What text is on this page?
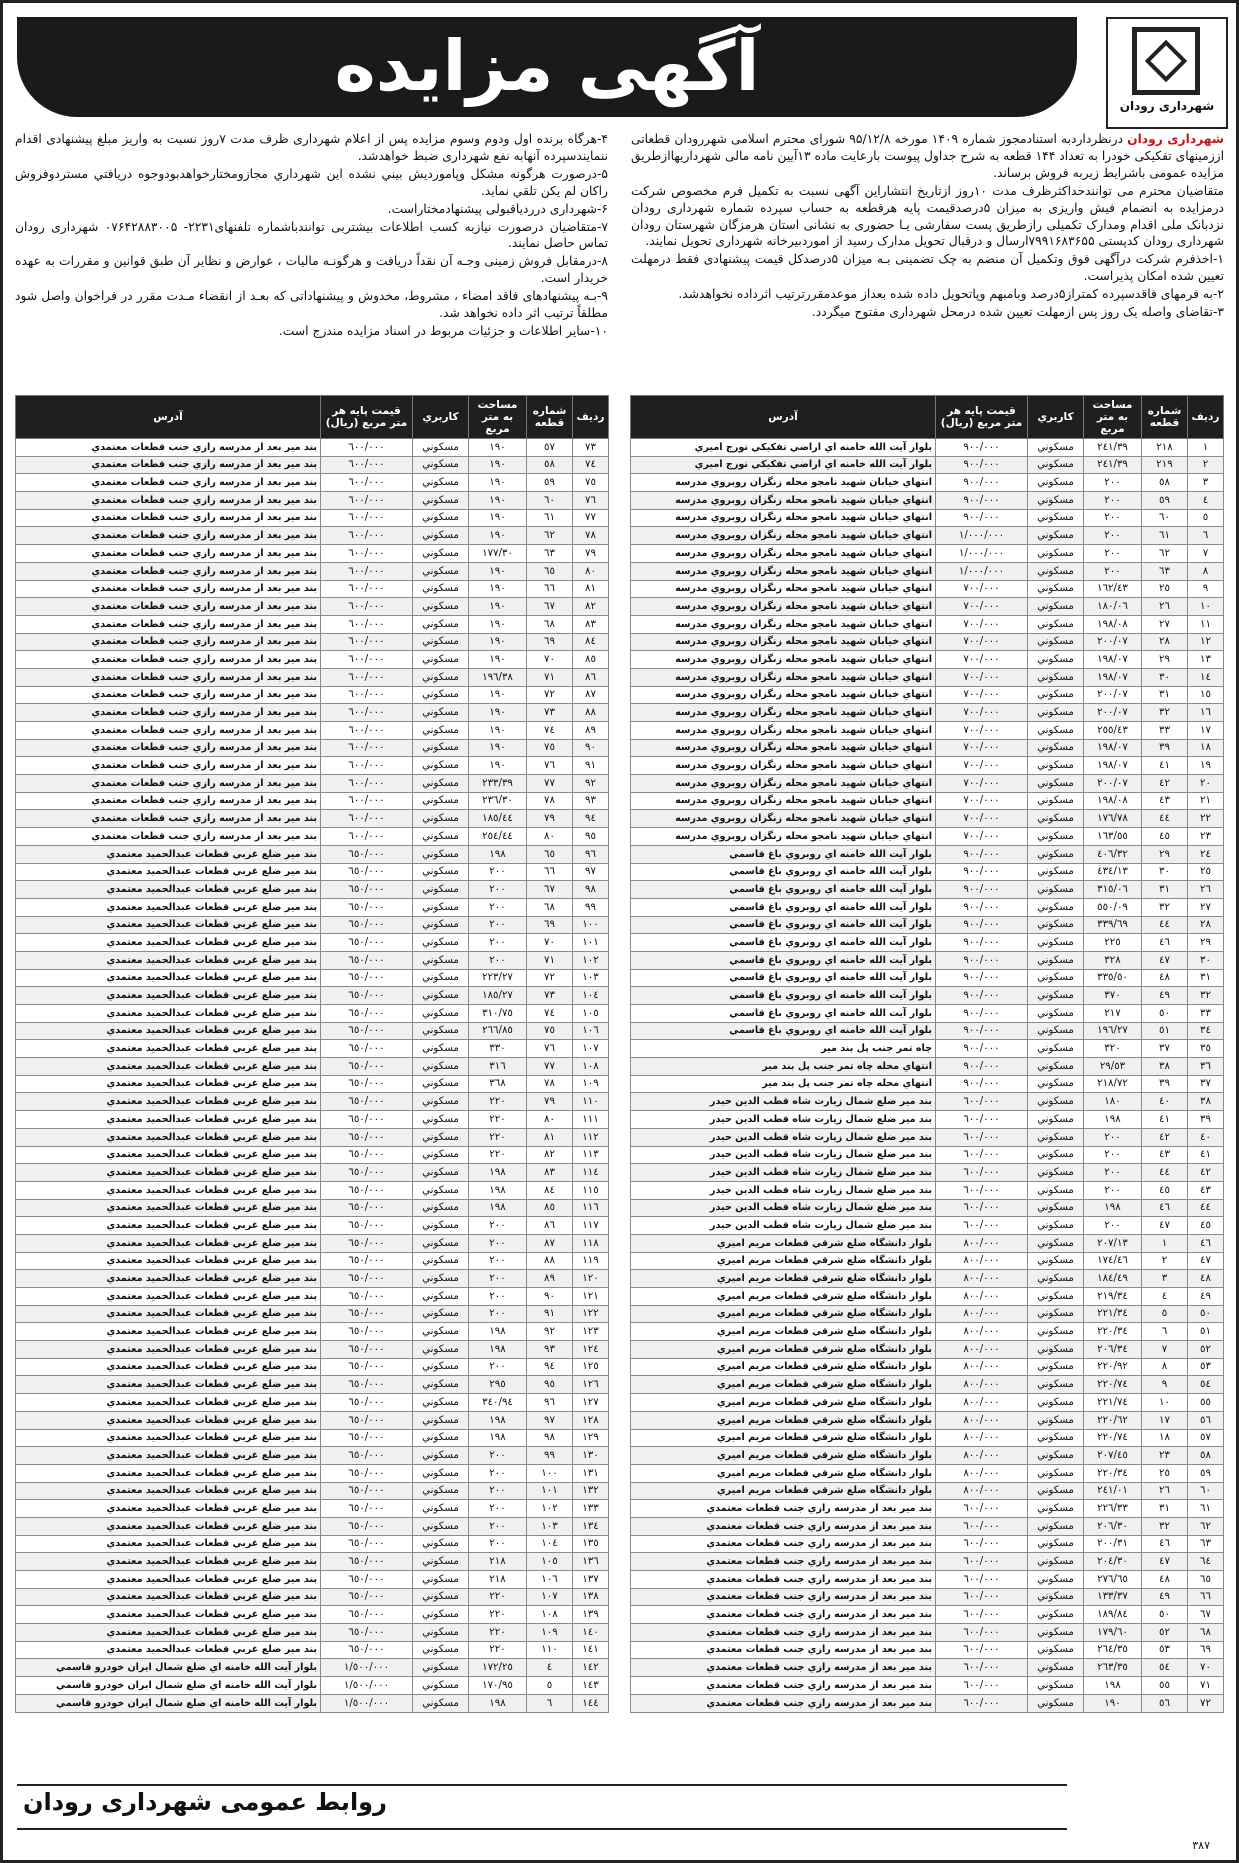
آگهی مزایده	شهرداری رودان

شهرداری رودان درنظرداردبه استنادمجوز شماره ۱۴۰۹ مورخه ۹۵/۱۲/۸ شورای محترم اسلامی شهررودان قطعاتی اززمینهای تفکیکی خودرا به تعداد ۱۴۴ قطعه به شرح جداول پیوست بارعایت ماده ۱۳آیین نامه مالی شهرداریهاازطریق مزایده عمومی باشرایط زیربه فروش برساند.

متقاضیان محترم می توانندحداکثرظرف مدت ۱۰روز ازتاریخ انتشاراین آگهی نسبت به تکمیل فرم مخصوص شرکت درمزایده به انضمام فیش واریزی به میزان ۵درصدقیمت پایه هرقطعه به حساب سپرده شماره شهرداری رودان نزدبانک ملی اقدام ومدارک تکمیلی رازطریق پست سفارشی یـا حضوری به نشانی استان هرمزگان شهرستان رودان شهرداری رودان کدپستی ۷۹۹۱۶۸۳۶۵۵ارسال و درقبال تحویل مدارک رسید از اموردبیرخانه شهرداری تحویل نمایند.

۱-اخذفرم شرکت درآگهی فوق وتکمیل آن منضم به چک تضمینی بـه میزان ۵درصدکل قیمت پیشنهادی فقط درمهلت تعیین شده امکان پذیراست.

۲-به فرمهای فاقدسپرده کمتراز۵درصد وبامبهم وپاتحویل داده شده بعداز موعدمقررترتیب اثرداده نخواهدشد.

۳-تقاضای واصله یک روز پس ازمهلت تعیین شده درمحل شهرداری مفتوح میگردد.

۴-هرگاه برنده اول ودوم وسوم مزایده پس از اعلام شهرداری ظرف مدت ۷روز نسبت به واریز مبلغ پیشنهادی اقدام ننمایندسپرده آنهابه نفع شهرداری ضبط خواهدشد.

۵-درصورت هرگونه مشکل وپامورديش بيني نشده اين شهرداري مجازومختارخواهدبودوجوه دريافتي مستردوفروش راکان لم يکن تلقي نمايد.

۶-شهرداری درردياقبولی پيشنهادمختاراست.

۷-متقاضيان درصورت نيازبه کسب اطلاعات بيشتربی توانندباشماره تلفنهای۲۲۳۱- ۰۷۶۴۲۸۸۳۰۰۵ شهرداری رودان تماس حاصل نمايند.

۸-درمقابل فروش زمينی وجـه آن نقداً دريافت و هرگونـه ماليات ، عوارض و نظاير آن طبق قوانين و مقررات به عهده خريدار است.

۹-بـه پيشنهادهای فاقد امضاء ، مشروط، مخدوش و پيشنهاداتی که بعـد از انقضاء مـدت مقرر در فراخوان واصل شود مطلقاً ترتيب اثر داده نخواهد شد.

۱۰-ساير اطلاعات و جزئيات مربوط در اسناد مزايده مندرج است.

رديف	شماره قطعه	مساحت به متر مربع	كاربري	قيمت پايه هر متر مربع (ريال)	آدرس
١	٢١٨	٢٤١/٣٩	مسكوني	٩٠٠/٠٠٠	بلوار آيت الله خامنه اي اراضي تفكيكي تورج اميري
٢	٢١٩	٢٤١/٣٩	مسكوني	٩٠٠/٠٠٠	بلوار آيت الله خامنه اي اراضي تفكيكي تورج اميري
٣	٥٨	٢٠٠	مسكوني	٩٠٠/٠٠٠	انتهاي خيابان شهيد نامجو محله زنگزان روبروي مدرسه
٤	٥٩	٢٠٠	مسكوني	٩٠٠/٠٠٠	انتهاي خيابان شهيد نامجو محله زنگزان روبروي مدرسه
٥	٦٠	٢٠٠	مسكوني	٩٠٠/٠٠٠	انتهاي خيابان شهيد نامجو محله زنگزان روبروي مدرسه
٦	٦١	٢٠٠	مسكوني	١/٠٠٠/٠٠٠	انتهاي خيابان شهيد نامجو محله زنگزان روبروي مدرسه
٧	٦٢	٢٠٠	مسكوني	١/٠٠٠/٠٠٠	انتهاي خيابان شهيد نامجو محله زنگزان روبروي مدرسه
٨	٦٣	٢٠٠	مسكوني	١/٠٠٠/٠٠٠	انتهاي خيابان شهيد نامجو محله زنگزان روبروي مدرسه
٩	٢٥	١٦٢/٤٣	مسكوني	٧٠٠/٠٠٠	انتهاي خيابان شهيد نامجو محله زنگزان روبروي مدرسه
١٠	٢٦	١٨٠/٠٦	مسكوني	٧٠٠/٠٠٠	انتهاي خيابان شهيد نامجو محله زنگزان روبروي مدرسه
١١	٢٧	١٩٨/٠٨	مسكوني	٧٠٠/٠٠٠	انتهاي خيابان شهيد نامجو محله زنگزان روبروي مدرسه
١٢	٢٨	٢٠٠/٠٧	مسكوني	٧٠٠/٠٠٠	انتهاي خيابان شهيد نامجو محله زنگزان روبروي مدرسه
١٣	٢٩	١٩٨/٠٧	مسكوني	٧٠٠/٠٠٠	انتهاي خيابان شهيد نامجو محله زنگزان روبروي مدرسه
١٤	٣٠	١٩٨/٠٧	مسكوني	٧٠٠/٠٠٠	انتهاي خيابان شهيد نامجو محله زنگزان روبروي مدرسه
١٥	٣١	٢٠٠/٠٧	مسكوني	٧٠٠/٠٠٠	انتهاي خيابان شهيد نامجو محله زنگزان روبروي مدرسه
١٦	٣٢	٢٠٠/٠٧	مسكوني	٧٠٠/٠٠٠	انتهاي خيابان شهيد نامجو محله زنگزان روبروي مدرسه
١٧	٣٣	٢٥٥/٤٣	مسكوني	٧٠٠/٠٠٠	انتهاي خيابان شهيد نامجو محله زنگزان روبروي مدرسه
١٨	٣٩	١٩٨/٠٧	مسكوني	٧٠٠/٠٠٠	انتهاي خيابان شهيد نامجو محله زنگزان روبروي مدرسه
١٩	٤١	١٩٨/٠٧	مسكوني	٧٠٠/٠٠٠	انتهاي خيابان شهيد نامجو محله زنگزان روبروي مدرسه
٢٠	٤٢	٢٠٠/٠٧	مسكوني	٧٠٠/٠٠٠	انتهاي خيابان شهيد نامجو محله زنگزان روبروي مدرسه
٢١	٤٣	١٩٨/٠٨	مسكوني	٧٠٠/٠٠٠	انتهاي خيابان شهيد نامجو محله زنگزان روبروي مدرسه
٢٢	٤٤	١٧٦/٧٨	مسكوني	٧٠٠/٠٠٠	انتهاي خيابان شهيد نامجو محله زنگزان روبروي مدرسه
٢٣	٤٥	١٦٣/٥٥	مسكوني	٧٠٠/٠٠٠	انتهاي خيابان شهيد نامجو محله زنگزان روبروي مدرسه
٢٤	٢٩	٤٠٦/٣٢	مسكوني	٩٠٠/٠٠٠	بلوار آيت الله خامنه اي روبروي باغ قاسمي
٢٥	٣٠	٤٣٤/١٣	مسكوني	٩٠٠/٠٠٠	بلوار آيت الله خامنه اي روبروي باغ قاسمي
٢٦	٣١	٣١٥/٠٦	مسكوني	٩٠٠/٠٠٠	بلوار آيت الله خامنه اي روبروي باغ قاسمي
٢٧	٣٢	٥٥٠/٠٩	مسكوني	٩٠٠/٠٠٠	بلوار آيت الله خامنه اي روبروي باغ قاسمي
٢٨	٤٤	٣٣٩/٦٩	مسكوني	٩٠٠/٠٠٠	بلوار آيت الله خامنه اي روبروي باغ قاسمي
٢٩	٤٦	٢٢٥	مسكوني	٩٠٠/٠٠٠	بلوار آيت الله خامنه اي روبروي باغ قاسمي
٣٠	٤٧	٣٢٨	مسكوني	٩٠٠/٠٠٠	بلوار آيت الله خامنه اي روبروي باغ قاسمي
٣١	٤٨	٣٣٥/٥٠	مسكوني	٩٠٠/٠٠٠	بلوار آيت الله خامنه اي روبروي باغ قاسمي
٣٢	٤٩	٣٧٠	مسكوني	٩٠٠/٠٠٠	بلوار آيت الله خامنه اي روبروي باغ قاسمي
٣٣	٥٠	٢١٧	مسكوني	٩٠٠/٠٠٠	بلوار آيت الله خامنه اي روبروي باغ قاسمي
٣٤	٥١	١٩٦/٢٧	مسكوني	٩٠٠/٠٠٠	بلوار آيت الله خامنه اي روبروي باغ قاسمي
٣٥	٣٧	٣٢٠	مسكوني	٩٠٠/٠٠٠	چاه تمر جنب پل بند مير
٣٦	٣٨	٢٩/٥٣	مسكوني	٩٠٠/٠٠٠	انتهاي محله چاه تمر جنب پل بند مير
٣٧	٣٩	٢١٨/٧٢	مسكوني	٩٠٠/٠٠٠	انتهاي محله چاه تمر جنب پل بند مير
٣٨	٤٠	١٨٠	مسكوني	٦٠٠/٠٠٠	بند مير ضلع شمال زيارت شاه قطب الدين حيدر
٣٩	٤١	١٩٨	مسكوني	٦٠٠/٠٠٠	بند مير ضلع شمال زيارت شاه قطب الدين حيدر
٤٠	٤٢	٢٠٠	مسكوني	٦٠٠/٠٠٠	بند مير ضلع شمال زيارت شاه قطب الدين حيدر
٤١	٤٣	٢٠٠	مسكوني	٦٠٠/٠٠٠	بند مير ضلع شمال زيارت شاه قطب الدين حيدر
٤٢	٤٤	٢٠٠	مسكوني	٦٠٠/٠٠٠	بند مير ضلع شمال زيارت شاه قطب الدين حيدر
٤٣	٤٥	٢٠٠	مسكوني	٦٠٠/٠٠٠	بند مير ضلع شمال زيارت شاه قطب الدين حيدر
٤٤	٤٦	١٩٨	مسكوني	٦٠٠/٠٠٠	بند مير ضلع شمال زيارت شاه قطب الدين حيدر
٤٥	٤٧	٢٠٠	مسكوني	٦٠٠/٠٠٠	بند مير ضلع شمال زيارت شاه قطب الدين حيدر
٤٦	١	٢٠٧/١٣	مسكوني	٨٠٠/٠٠٠	بلوار دانشگاه ضلع شرقي قطعات مريم اميري
٤٧	٢	١٧٤/٤٦	مسكوني	٨٠٠/٠٠٠	بلوار دانشگاه ضلع شرقي قطعات مريم اميري
٤٨	٣	١٨٤/٤٩	مسكوني	٨٠٠/٠٠٠	بلوار دانشگاه ضلع شرقي قطعات مريم اميري
٤٩	٤	٢١٩/٣٤	مسكوني	٨٠٠/٠٠٠	بلوار دانشگاه ضلع شرقي قطعات مريم اميري
٥٠	٥	٢٢١/٣٤	مسكوني	٨٠٠/٠٠٠	بلوار دانشگاه ضلع شرقي قطعات مريم اميري
٥١	٦	٢٢٠/٣٤	مسكوني	٨٠٠/٠٠٠	بلوار دانشگاه ضلع شرقي قطعات مريم اميري
٥٢	٧	٢٠٦/٣٤	مسكوني	٨٠٠/٠٠٠	بلوار دانشگاه ضلع شرقي قطعات مريم اميري
٥٣	٨	٢٢٠/٩٢	مسكوني	٨٠٠/٠٠٠	بلوار دانشگاه ضلع شرقي قطعات مريم اميري
٥٤	٩	٢٢٠/٧٤	مسكوني	٨٠٠/٠٠٠	بلوار دانشگاه ضلع شرقي قطعات مريم اميري
٥٥	١٠	٢٢١/٧٤	مسكوني	٨٠٠/٠٠٠	بلوار دانشگاه ضلع شرقي قطعات مريم اميري
٥٦	١٧	٢٢٠/٦٢	مسكوني	٨٠٠/٠٠٠	بلوار دانشگاه ضلع شرقي قطعات مريم اميري
٥٧	١٨	٢٢٠/٧٤	مسكوني	٨٠٠/٠٠٠	بلوار دانشگاه ضلع شرقي قطعات مريم اميري
٥٨	٢٣	٢٠٧/٤٥	مسكوني	٨٠٠/٠٠٠	بلوار دانشگاه ضلع شرقي قطعات مريم اميري
٥٩	٢٥	٢٢٠/٣٤	مسكوني	٨٠٠/٠٠٠	بلوار دانشگاه ضلع شرقي قطعات مريم اميري
٦٠	٢٦	٢٤١/٠١	مسكوني	٨٠٠/٠٠٠	بلوار دانشگاه ضلع شرقي قطعات مريم اميري
٦١	٣١	٢٢٦/٣٣	مسكوني	٦٠٠/٠٠٠	بند مير بعد از مدرسه رازي جنب قطعات معتمدي
٦٢	٣٢	٢٠٦/٣٠	مسكوني	٦٠٠/٠٠٠	بند مير بعد از مدرسه رازي جنب قطعات معتمدي
٦٣	٤٦	٢٠٠/٣١	مسكوني	٦٠٠/٠٠٠	بند مير بعد از مدرسه رازي جنب قطعات معتمدي
٦٤	٤٧	٢٠٤/٣٠	مسكوني	٦٠٠/٠٠٠	بند مير بعد از مدرسه رازي جنب قطعات معتمدي
٦٥	٤٨	٢٧٦/٦٥	مسكوني	٦٠٠/٠٠٠	بند مير بعد از مدرسه رازي جنب قطعات معتمدي
٦٦	٤٩	١٣٣/٣٧	مسكوني	٦٠٠/٠٠٠	بند مير بعد از مدرسه رازي جنب قطعات معتمدي
٦٧	٥٠	١٨٩/٨٤	مسكوني	٦٠٠/٠٠٠	بند مير بعد از مدرسه رازي جنب قطعات معتمدي
٦٨	٥٢	١٧٩/٦٠	مسكوني	٦٠٠/٠٠٠	بند مير بعد از مدرسه رازي جنب قطعات معتمدي
٦٩	٥٣	٢٦٤/٣٥	مسكوني	٦٠٠/٠٠٠	بند مير بعد از مدرسه رازي جنب قطعات معتمدي
٧٠	٥٤	٢٦٣/٣٥	مسكوني	٦٠٠/٠٠٠	بند مير بعد از مدرسه رازي جنب قطعات معتمدي
٧١	٥٥	١٩٨	مسكوني	٦٠٠/٠٠٠	بند مير بعد از مدرسه رازي جنب قطعات معتمدي
٧٢	٥٦	١٩٠	مسكوني	٦٠٠/٠٠٠	بند مير بعد از مدرسه رازي جنب قطعات معتمدي
رديف	شماره قطعه	مساحت به متر مربع	كاربري	قيمت پايه هر متر مربع (ريال)	آدرس
٧٣	٥٧	١٩٠	مسكوني	٦٠٠/٠٠٠	بند مير بعد از مدرسه رازي جنب قطعات معتمدي
٧٤	٥٨	١٩٠	مسكوني	٦٠٠/٠٠٠	بند مير بعد از مدرسه رازي جنب قطعات معتمدي
٧٥	٥٩	١٩٠	مسكوني	٦٠٠/٠٠٠	بند مير بعد از مدرسه رازي جنب قطعات معتمدي
٧٦	٦٠	١٩٠	مسكوني	٦٠٠/٠٠٠	بند مير بعد از مدرسه رازي جنب قطعات معتمدي
٧٧	٦١	١٩٠	مسكوني	٦٠٠/٠٠٠	بند مير بعد از مدرسه رازي جنب قطعات معتمدي
٧٨	٦٢	١٩٠	مسكوني	٦٠٠/٠٠٠	بند مير بعد از مدرسه رازي جنب قطعات معتمدي
٧٩	٦٣	١٧٧/٣٠	مسكوني	٦٠٠/٠٠٠	بند مير بعد از مدرسه رازي جنب قطعات معتمدي
٨٠	٦٥	١٩٠	مسكوني	٦٠٠/٠٠٠	بند مير بعد از مدرسه رازي جنب قطعات معتمدي
٨١	٦٦	١٩٠	مسكوني	٦٠٠/٠٠٠	بند مير بعد از مدرسه رازي جنب قطعات معتمدي
٨٢	٦٧	١٩٠	مسكوني	٦٠٠/٠٠٠	بند مير بعد از مدرسه رازي جنب قطعات معتمدي
٨٣	٦٨	١٩٠	مسكوني	٦٠٠/٠٠٠	بند مير بعد از مدرسه رازي جنب قطعات معتمدي
٨٤	٦٩	١٩٠	مسكوني	٦٠٠/٠٠٠	بند مير بعد از مدرسه رازي جنب قطعات معتمدي
٨٥	٧٠	١٩٠	مسكوني	٦٠٠/٠٠٠	بند مير بعد از مدرسه رازي جنب قطعات معتمدي
٨٦	٧١	١٩٦/٣٨	مسكوني	٦٠٠/٠٠٠	بند مير بعد از مدرسه رازي جنب قطعات معتمدي
٨٧	٧٢	١٩٠	مسكوني	٦٠٠/٠٠٠	بند مير بعد از مدرسه رازي جنب قطعات معتمدي
٨٨	٧٣	١٩٠	مسكوني	٦٠٠/٠٠٠	بند مير بعد از مدرسه رازي جنب قطعات معتمدي
٨٩	٧٤	١٩٠	مسكوني	٦٠٠/٠٠٠	بند مير بعد از مدرسه رازي جنب قطعات معتمدي
٩٠	٧٥	١٩٠	مسكوني	٦٠٠/٠٠٠	بند مير بعد از مدرسه رازي جنب قطعات معتمدي
٩١	٧٦	١٩٠	مسكوني	٦٠٠/٠٠٠	بند مير بعد از مدرسه رازي جنب قطعات معتمدي
٩٢	٧٧	٢٣٣/٣٩	مسكوني	٦٠٠/٠٠٠	بند مير بعد از مدرسه رازي جنب قطعات معتمدي
٩٣	٧٨	٢٣٦/٣٠	مسكوني	٦٠٠/٠٠٠	بند مير بعد از مدرسه رازي جنب قطعات معتمدي
٩٤	٧٩	١٨٥/٤٤	مسكوني	٦٠٠/٠٠٠	بند مير بعد از مدرسه رازي جنب قطعات معتمدي
٩٥	٨٠	٢٥٤/٤٤	مسكوني	٦٠٠/٠٠٠	بند مير بعد از مدرسه رازي جنب قطعات معتمدي
٩٦	٦٥	١٩٨	مسكوني	٦٥٠/٠٠٠	بند مير ضلع غربي قطعات عبدالحميد معتمدي
٩٧	٦٦	٢٠٠	مسكوني	٦٥٠/٠٠٠	بند مير ضلع غربي قطعات عبدالحميد معتمدي
٩٨	٦٧	٢٠٠	مسكوني	٦٥٠/٠٠٠	بند مير ضلع غربي قطعات عبدالحميد معتمدي
٩٩	٦٨	٢٠٠	مسكوني	٦٥٠/٠٠٠	بند مير ضلع غربي قطعات عبدالحميد معتمدي
١٠٠	٦٩	٢٠٠	مسكوني	٦٥٠/٠٠٠	بند مير ضلع غربي قطعات عبدالحميد معتمدي
١٠١	٧٠	٢٠٠	مسكوني	٦٥٠/٠٠٠	بند مير ضلع غربي قطعات عبدالحميد معتمدي
١٠٢	٧١	٢٠٠	مسكوني	٦٥٠/٠٠٠	بند مير ضلع غربي قطعات عبدالحميد معتمدي
١٠٣	٧٢	٢٢٣/٢٧	مسكوني	٦٥٠/٠٠٠	بند مير ضلع غربي قطعات عبدالحميد معتمدي
١٠٤	٧٣	١٨٥/٢٧	مسكوني	٦٥٠/٠٠٠	بند مير ضلع غربي قطعات عبدالحميد معتمدي
١٠٥	٧٤	٣١٠/٧٥	مسكوني	٦٥٠/٠٠٠	بند مير ضلع غربي قطعات عبدالحميد معتمدي
١٠٦	٧٥	٢٦٦/٨٥	مسكوني	٦٥٠/٠٠٠	بند مير ضلع غربي قطعات عبدالحميد معتمدي
١٠٧	٧٦	٣٣٠	مسكوني	٦٥٠/٠٠٠	بند مير ضلع غربي قطعات عبدالحميد معتمدي
١٠٨	٧٧	٣١٦	مسكوني	٦٥٠/٠٠٠	بند مير ضلع غربي قطعات عبدالحميد معتمدي
١٠٩	٧٨	٣٦٨	مسكوني	٦٥٠/٠٠٠	بند مير ضلع غربي قطعات عبدالحميد معتمدي
١١٠	٧٩	٢٢٠	مسكوني	٦٥٠/٠٠٠	بند مير ضلع غربي قطعات عبدالحميد معتمدي
١١١	٨٠	٢٢٠	مسكوني	٦٥٠/٠٠٠	بند مير ضلع غربي قطعات عبدالحميد معتمدي
١١٢	٨١	٢٢٠	مسكوني	٦٥٠/٠٠٠	بند مير ضلع غربي قطعات عبدالحميد معتمدي
١١٣	٨٢	٢٢٠	مسكوني	٦٥٠/٠٠٠	بند مير ضلع غربي قطعات عبدالحميد معتمدي
١١٤	٨٣	١٩٨	مسكوني	٦٥٠/٠٠٠	بند مير ضلع غربي قطعات عبدالحميد معتمدي
١١٥	٨٤	١٩٨	مسكوني	٦٥٠/٠٠٠	بند مير ضلع غربي قطعات عبدالحميد معتمدي
١١٦	٨٥	١٩٨	مسكوني	٦٥٠/٠٠٠	بند مير ضلع غربي قطعات عبدالحميد معتمدي
١١٧	٨٦	٢٠٠	مسكوني	٦٥٠/٠٠٠	بند مير ضلع غربي قطعات عبدالحميد معتمدي
١١٨	٨٧	٢٠٠	مسكوني	٦٥٠/٠٠٠	بند مير ضلع غربي قطعات عبدالحميد معتمدي
١١٩	٨٨	٢٠٠	مسكوني	٦٥٠/٠٠٠	بند مير ضلع غربي قطعات عبدالحميد معتمدي
١٢٠	٨٩	٢٠٠	مسكوني	٦٥٠/٠٠٠	بند مير ضلع غربي قطعات عبدالحميد معتمدي
١٢١	٩٠	٢٠٠	مسكوني	٦٥٠/٠٠٠	بند مير ضلع غربي قطعات عبدالحميد معتمدي
١٢٢	٩١	٢٠٠	مسكوني	٦٥٠/٠٠٠	بند مير ضلع غربي قطعات عبدالحميد معتمدي
١٢٣	٩٢	١٩٨	مسكوني	٦٥٠/٠٠٠	بند مير ضلع غربي قطعات عبدالحميد معتمدي
١٢٤	٩٣	١٩٨	مسكوني	٦٥٠/٠٠٠	بند مير ضلع غربي قطعات عبدالحميد معتمدي
١٢٥	٩٤	٢٠٠	مسكوني	٦٥٠/٠٠٠	بند مير ضلع غربي قطعات عبدالحميد معتمدي
١٢٦	٩٥	٢٩٥	مسكوني	٦٥٠/٠٠٠	بند مير ضلع غربي قطعات عبدالحميد معتمدي
١٢٧	٩٦	٣٤٠/٩٤	مسكوني	٦٥٠/٠٠٠	بند مير ضلع غربي قطعات عبدالحميد معتمدي
١٢٨	٩٧	١٩٨	مسكوني	٦٥٠/٠٠٠	بند مير ضلع غربي قطعات عبدالحميد معتمدي
١٢٩	٩٨	١٩٨	مسكوني	٦٥٠/٠٠٠	بند مير ضلع غربي قطعات عبدالحميد معتمدي
١٣٠	٩٩	٢٠٠	مسكوني	٦٥٠/٠٠٠	بند مير ضلع غربي قطعات عبدالحميد معتمدي
١٣١	١٠٠	٢٠٠	مسكوني	٦٥٠/٠٠٠	بند مير ضلع غربي قطعات عبدالحميد معتمدي
١٣٢	١٠١	٢٠٠	مسكوني	٦٥٠/٠٠٠	بند مير ضلع غربي قطعات عبدالحميد معتمدي
١٣٣	١٠٢	٢٠٠	مسكوني	٦٥٠/٠٠٠	بند مير ضلع غربي قطعات عبدالحميد معتمدي
١٣٤	١٠٣	٢٠٠	مسكوني	٦٥٠/٠٠٠	بند مير ضلع غربي قطعات عبدالحميد معتمدي
١٣٥	١٠٤	٢٠٠	مسكوني	٦٥٠/٠٠٠	بند مير ضلع غربي قطعات عبدالحميد معتمدي
١٣٦	١٠٥	٢١٨	مسكوني	٦٥٠/٠٠٠	بند مير ضلع غربي قطعات عبدالحميد معتمدي
١٣٧	١٠٦	٢١٨	مسكوني	٦٥٠/٠٠٠	بند مير ضلع غربي قطعات عبدالحميد معتمدي
١٣٨	١٠٧	٢٢٠	مسكوني	٦٥٠/٠٠٠	بند مير ضلع غربي قطعات عبدالحميد معتمدي
١٣٩	١٠٨	٢٢٠	مسكوني	٦٥٠/٠٠٠	بند مير ضلع غربي قطعات عبدالحميد معتمدي
١٤٠	١٠٩	٢٢٠	مسكوني	٦٥٠/٠٠٠	بند مير ضلع غربي قطعات عبدالحميد معتمدي
١٤١	١١٠	٢٢٠	مسكوني	٦٥٠/٠٠٠	بند مير ضلع غربي قطعات عبدالحميد معتمدي
١٤٢	٤	١٧٢/٢٥	مسكوني	١/٥٠٠/٠٠٠	بلوار آيت الله خامنه اي ضلع شمال ايران خودرو قاسمي
١٤٣	٥	١٧٠/٩٥	مسكوني	١/٥٠٠/٠٠٠	بلوار آيت الله خامنه اي ضلع شمال ايران خودرو قاسمي
١٤٤	٦	١٩٨	مسكوني	١/٥٠٠/٠٠٠	بلوار آيت الله خامنه اي ضلع شمال ايران خودرو قاسمي
روابط عمومی شهرداری رودان
٣٨٧
